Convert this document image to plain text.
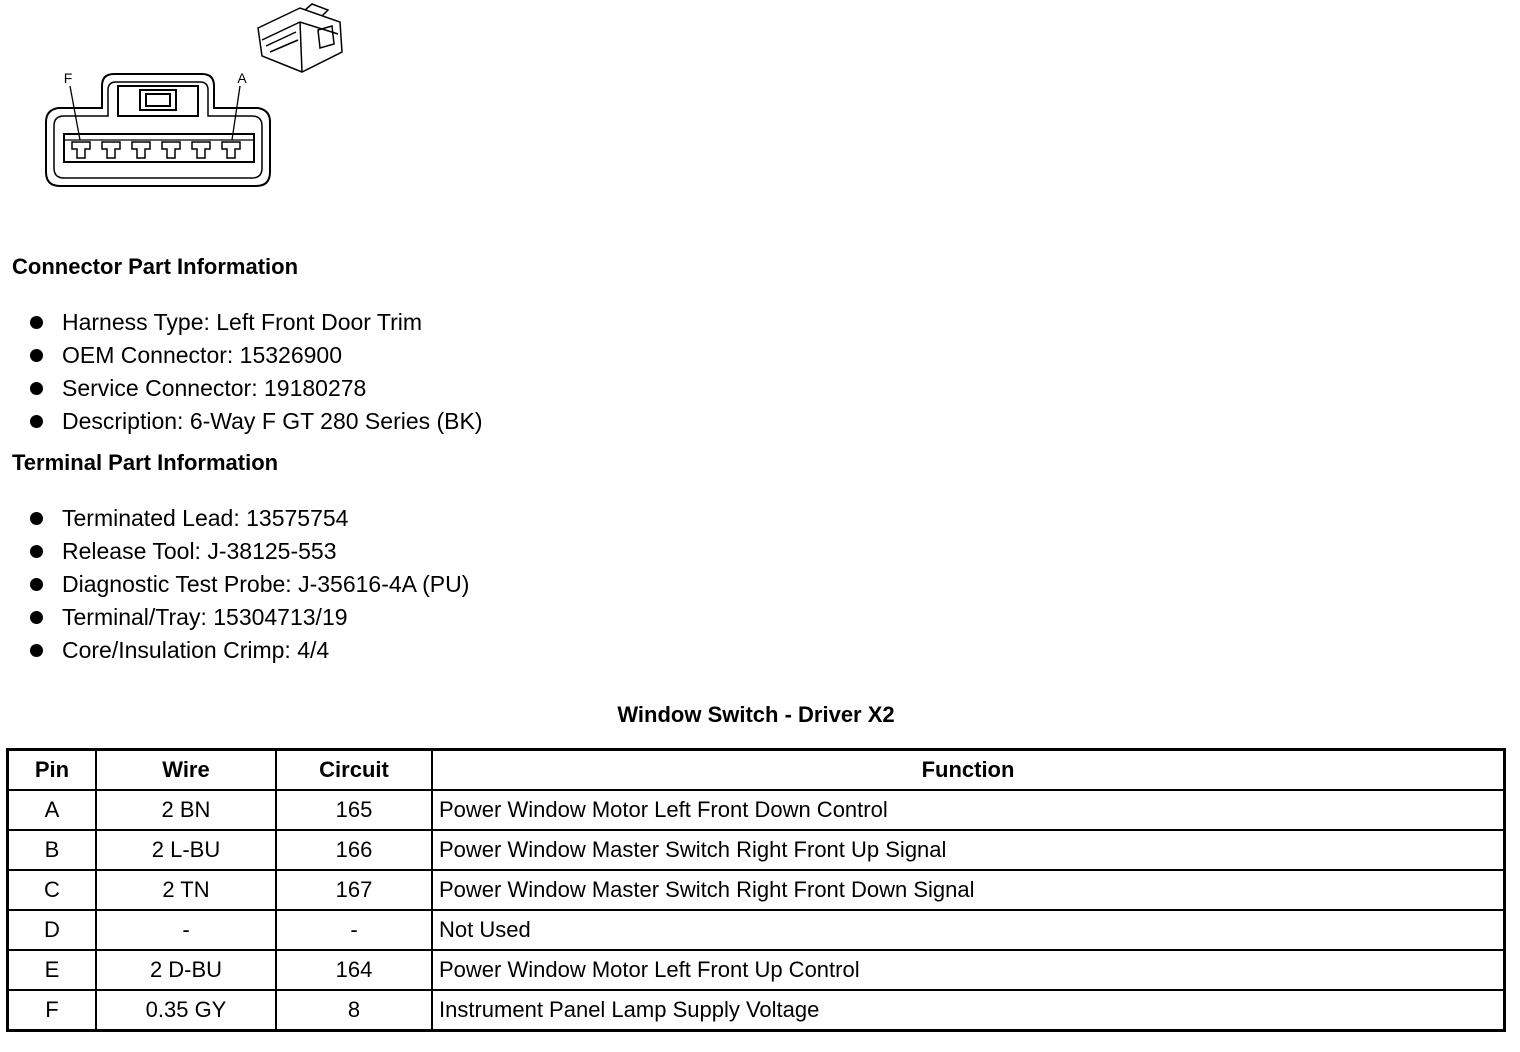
F	A
Connector Part Information
Harness Type: Left Front Door Trim
OEM Connector: 15326900
Service Connector: 19180278
Description: 6-Way F GT 280 Series (BK)
Terminal Part Information
Terminated Lead: 13575754
Release Tool: J-38125-553
Diagnostic Test Probe: J-35616-4A (PU)
Terminal/Tray: 15304713/19
Core/Insulation Crimp: 4/4
Window Switch - Driver X2
Pin	Wire	Circuit	Function
A	2 BN	165	Power Window Motor Left Front Down Control
B	2 L-BU	166	Power Window Master Switch Right Front Up Signal
C	2 TN	167	Power Window Master Switch Right Front Down Signal
D	-	-	Not Used
E	2 D-BU	164	Power Window Motor Left Front Up Control
F	0.35 GY	8	Instrument Panel Lamp Supply Voltage
